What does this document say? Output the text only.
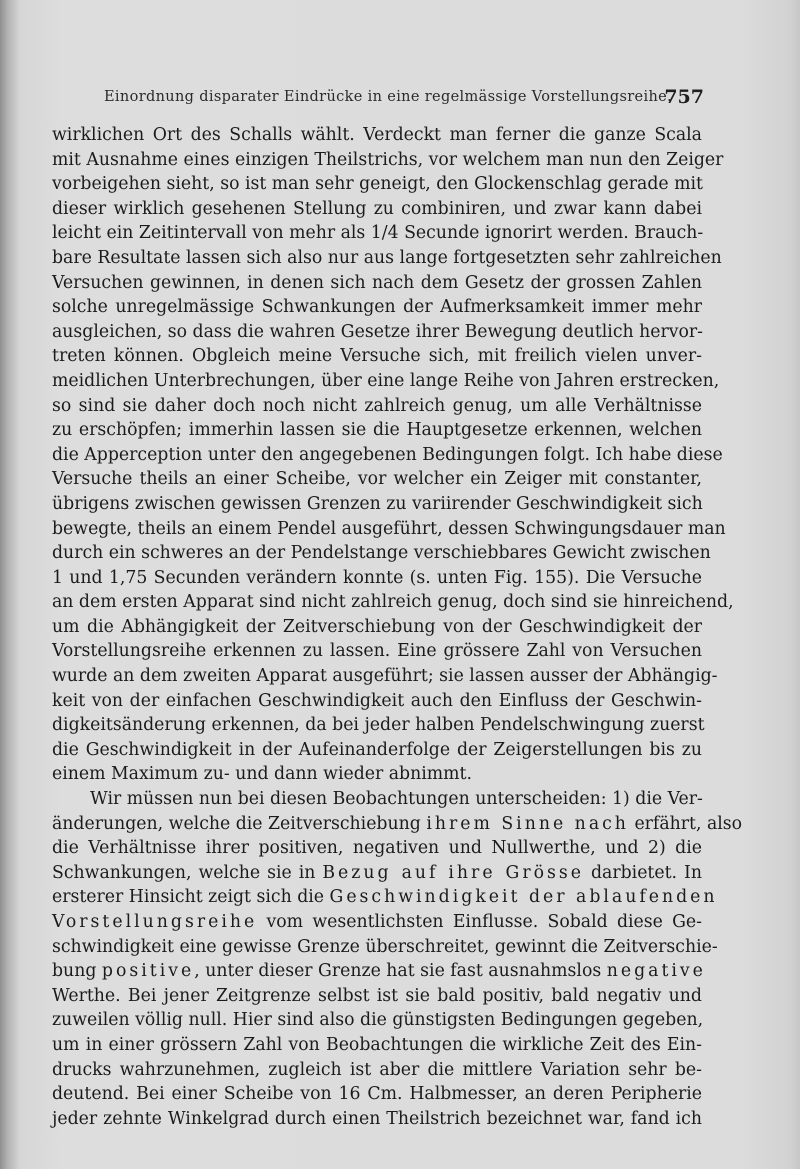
Einordnung disparater Eindrücke in eine regelmässige Vorstellungsreihe.
757
wirklichen Ort des Schalls wählt. Verdeckt man ferner die ganze Scala
mit Ausnahme eines einzigen Theilstrichs, vor welchem man nun den Zeiger
vorbeigehen sieht, so ist man sehr geneigt, den Glockenschlag gerade mit
dieser wirklich gesehenen Stellung zu combiniren, und zwar kann dabei
leicht ein Zeitintervall von mehr als 1/4 Secunde ignorirt werden. Brauch-
bare Resultate lassen sich also nur aus lange fortgesetzten sehr zahlreichen
Versuchen gewinnen, in denen sich nach dem Gesetz der grossen Zahlen
solche unregelmässige Schwankungen der Aufmerksamkeit immer mehr
ausgleichen, so dass die wahren Gesetze ihrer Bewegung deutlich hervor-
treten können. Obgleich meine Versuche sich, mit freilich vielen unver-
meidlichen Unterbrechungen, über eine lange Reihe von Jahren erstrecken,
so sind sie daher doch noch nicht zahlreich genug, um alle Verhältnisse
zu erschöpfen; immerhin lassen sie die Hauptgesetze erkennen, welchen
die Apperception unter den angegebenen Bedingungen folgt. Ich habe diese
Versuche theils an einer Scheibe, vor welcher ein Zeiger mit constanter,
übrigens zwischen gewissen Grenzen zu variirender Geschwindigkeit sich
bewegte, theils an einem Pendel ausgeführt, dessen Schwingungsdauer man
durch ein schweres an der Pendelstange verschiebbares Gewicht zwischen
1 und 1,75 Secunden verändern konnte (s. unten Fig. 155). Die Versuche
an dem ersten Apparat sind nicht zahlreich genug, doch sind sie hinreichend,
um die Abhängigkeit der Zeitverschiebung von der Geschwindigkeit der
Vorstellungsreihe erkennen zu lassen. Eine grössere Zahl von Versuchen
wurde an dem zweiten Apparat ausgeführt; sie lassen ausser der Abhängig-
keit von der einfachen Geschwindigkeit auch den Einfluss der Geschwin-
digkeitsänderung erkennen, da bei jeder halben Pendelschwingung zuerst
die Geschwindigkeit in der Aufeinanderfolge der Zeigerstellungen bis zu
einem Maximum zu- und dann wieder abnimmt.
Wir müssen nun bei diesen Beobachtungen unterscheiden: 1) die Ver-
änderungen, welche die Zeitverschiebung ihrem Sinne nach erfährt, also
die Verhältnisse ihrer positiven, negativen und Nullwerthe, und 2) die
Schwankungen, welche sie in Bezug auf ihre Grösse darbietet. In
ersterer Hinsicht zeigt sich die Geschwindigkeit der ablaufenden
Vorstellungsreihe vom wesentlichsten Einflusse. Sobald diese Ge-
schwindigkeit eine gewisse Grenze überschreitet, gewinnt die Zeitverschie-
bung positive, unter dieser Grenze hat sie fast ausnahmslos negative
Werthe. Bei jener Zeitgrenze selbst ist sie bald positiv, bald negativ und
zuweilen völlig null. Hier sind also die günstigsten Bedingungen gegeben,
um in einer grössern Zahl von Beobachtungen die wirkliche Zeit des Ein-
drucks wahrzunehmen, zugleich ist aber die mittlere Variation sehr be-
deutend. Bei einer Scheibe von 16 Cm. Halbmesser, an deren Peripherie
jeder zehnte Winkelgrad durch einen Theilstrich bezeichnet war, fand ich
